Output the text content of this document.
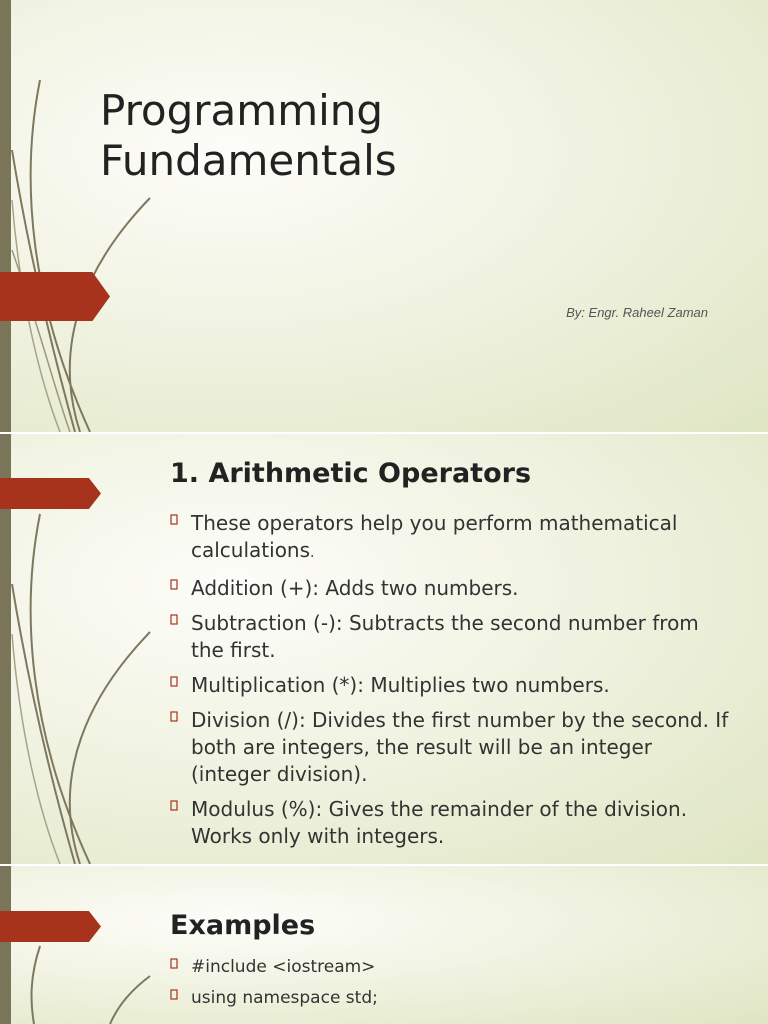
Programming
Fundamentals
By: Engr. Raheel Zaman
1. Arithmetic Operators
These operators help you perform mathematical calculations.
Addition (+): Adds two numbers.
Subtraction (-): Subtracts the second number from the first.
Multiplication (*): Multiplies two numbers.
Division (/): Divides the first number by the second. If both are integers, the result will be an integer (integer division).
Modulus (%): Gives the remainder of the division. Works only with integers.
Examples
#include <iostream>
using namespace std;
